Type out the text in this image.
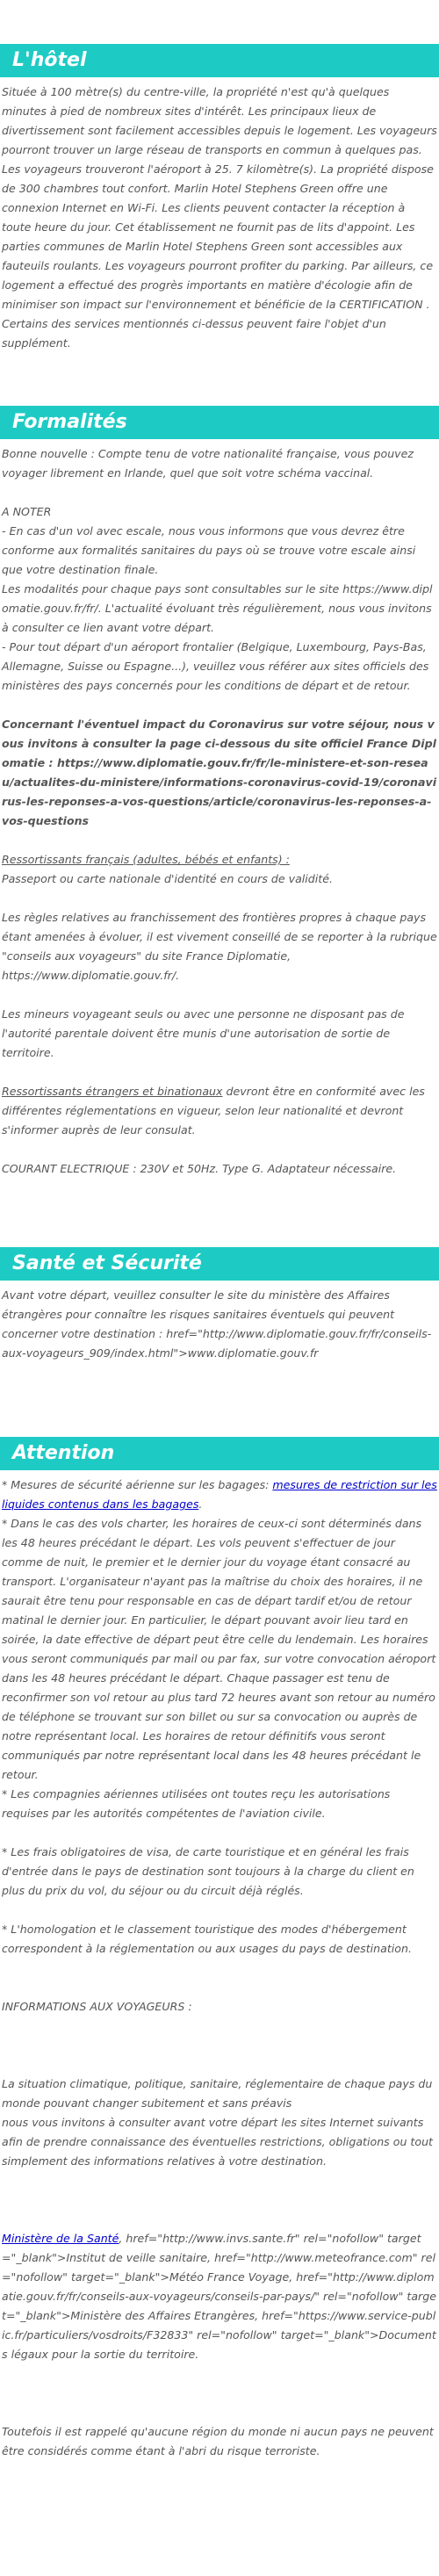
L'hôtel
Située à 100 mètre(s) du centre-ville, la propriété n'est qu'à quelques minutes à pied de nombreux sites d'intérêt. Les principaux lieux de divertissement sont facilement accessibles depuis le logement. Les voyageurs pourront trouver un large réseau de transports en commun à quelques pas. Les voyageurs trouveront l'aéroport à 25. 7 kilomètre(s). La propriété dispose de 300 chambres tout confort. Marlin Hotel Stephens Green offre une connexion Internet en Wi-Fi. Les clients peuvent contacter la réception à toute heure du jour. Cet établissement ne fournit pas de lits d'appoint. Les parties communes de Marlin Hotel Stephens Green sont accessibles aux fauteuils roulants. Les voyageurs pourront profiter du parking. Par ailleurs, ce logement a effectué des progrès importants en matière d'écologie afin de minimiser son impact sur l'environnement et bénéficie de la CERTIFICATION . Certains des services mentionnés ci-dessus peuvent faire l'objet d'un supplément.
Formalités
Bonne nouvelle : Compte tenu de votre nationalité française, vous pouvez voyager librement en Irlande, quel que soit votre schéma vaccinal.
A NOTER
- En cas d'un vol avec escale, nous vous informons que vous devrez être conforme aux formalités sanitaires du pays où se trouve votre escale ainsi que votre destination finale.
Les modalités pour chaque pays sont consultables sur le site https://www.diplomatie.gouv.fr/fr/. L'actualité évoluant très régulièrement, nous vous invitons à consulter ce lien avant votre départ.
- Pour tout départ d'un aéroport frontalier (Belgique, Luxembourg, Pays-Bas, Allemagne, Suisse ou Espagne...), veuillez vous référer aux sites officiels des ministères des pays concernés pour les conditions de départ et de retour.
Concernant l'éventuel impact du Coronavirus sur votre séjour, nous vous invitons à consulter la page ci-dessous du site officiel France Diplomatie : https://www.diplomatie.gouv.fr/fr/le-ministere-et-son-reseau/actualites-du-ministere/informations-coronavirus-covid-19/coronavirus-les-reponses-a-vos-questions/article/coronavirus-les-reponses-a-vos-questions
Ressortissants français (adultes, bébés et enfants) :
Passeport ou carte nationale d'identité en cours de validité.
Les règles relatives au franchissement des frontières propres à chaque pays étant amenées à évoluer, il est vivement conseillé de se reporter à la rubrique "conseils aux voyageurs" du site France Diplomatie, https://www.diplomatie.gouv.fr/.
Les mineurs voyageant seuls ou avec une personne ne disposant pas de l'autorité parentale doivent être munis d'une autorisation de sortie de territoire.
Ressortissants étrangers et binationaux devront être en conformité avec les différentes réglementations en vigueur, selon leur nationalité et devront s'informer auprès de leur consulat.
COURANT ELECTRIQUE : 230V et 50Hz. Type G. Adaptateur nécessaire.
Santé et Sécurité
Avant votre départ, veuillez consulter le site du ministère des Affaires étrangères pour connaître les risques sanitaires éventuels qui peuvent concerner votre destination : href="http://www.diplomatie.gouv.fr/fr/conseils-aux-voyageurs_909/index.html">www.diplomatie.gouv.fr
Attention
* Mesures de sécurité aérienne sur les bagages: mesures de restriction sur les liquides contenus dans les bagages.
* Dans le cas des vols charter, les horaires de ceux-ci sont déterminés dans les 48 heures précédant le départ. Les vols peuvent s'effectuer de jour comme de nuit, le premier et le dernier jour du voyage étant consacré au transport. L'organisateur n'ayant pas la maîtrise du choix des horaires, il ne saurait être tenu pour responsable en cas de départ tardif et/ou de retour matinal le dernier jour. En particulier, le départ pouvant avoir lieu tard en soirée, la date effective de départ peut être celle du lendemain. Les horaires vous seront communiqués par mail ou par fax, sur votre convocation aéroport dans les 48 heures précédant le départ. Chaque passager est tenu de reconfirmer son vol retour au plus tard 72 heures avant son retour au numéro de téléphone se trouvant sur son billet ou sur sa convocation ou auprès de notre représentant local. Les horaires de retour définitifs vous seront communiqués par notre représentant local dans les 48 heures précédant le retour.
* Les compagnies aériennes utilisées ont toutes reçu les autorisations requises par les autorités compétentes de l'aviation civile.
* Les frais obligatoires de visa, de carte touristique et en général les frais d'entrée dans le pays de destination sont toujours à la charge du client en plus du prix du vol, du séjour ou du circuit déjà réglés.
* L'homologation et le classement touristique des modes d'hébergement correspondent à la réglementation ou aux usages du pays de destination.
INFORMATIONS AUX VOYAGEURS :
La situation climatique, politique, sanitaire, réglementaire de chaque pays du monde pouvant changer subitement et sans préavis
nous vous invitons à consulter avant votre départ les sites Internet suivants afin de prendre connaissance des éventuelles restrictions, obligations ou tout simplement des informations relatives à votre destination.
Ministère de la Santé, href="http://www.invs.sante.fr" rel="nofollow" target="_blank">Institut de veille sanitaire, href="http://www.meteofrance.com" rel="nofollow" target="_blank">Météo France Voyage, href="http://www.diplomatie.gouv.fr/fr/conseils-aux-voyageurs/conseils-par-pays/" rel="nofollow" target="_blank">Ministère des Affaires Etrangères, href="https://www.service-public.fr/particuliers/vosdroits/F32833" rel="nofollow" target="_blank">Documents légaux pour la sortie du territoire.
Toutefois il est rappelé qu'aucune région du monde ni aucun pays ne peuvent être considérés comme étant à l'abri du risque terroriste.
